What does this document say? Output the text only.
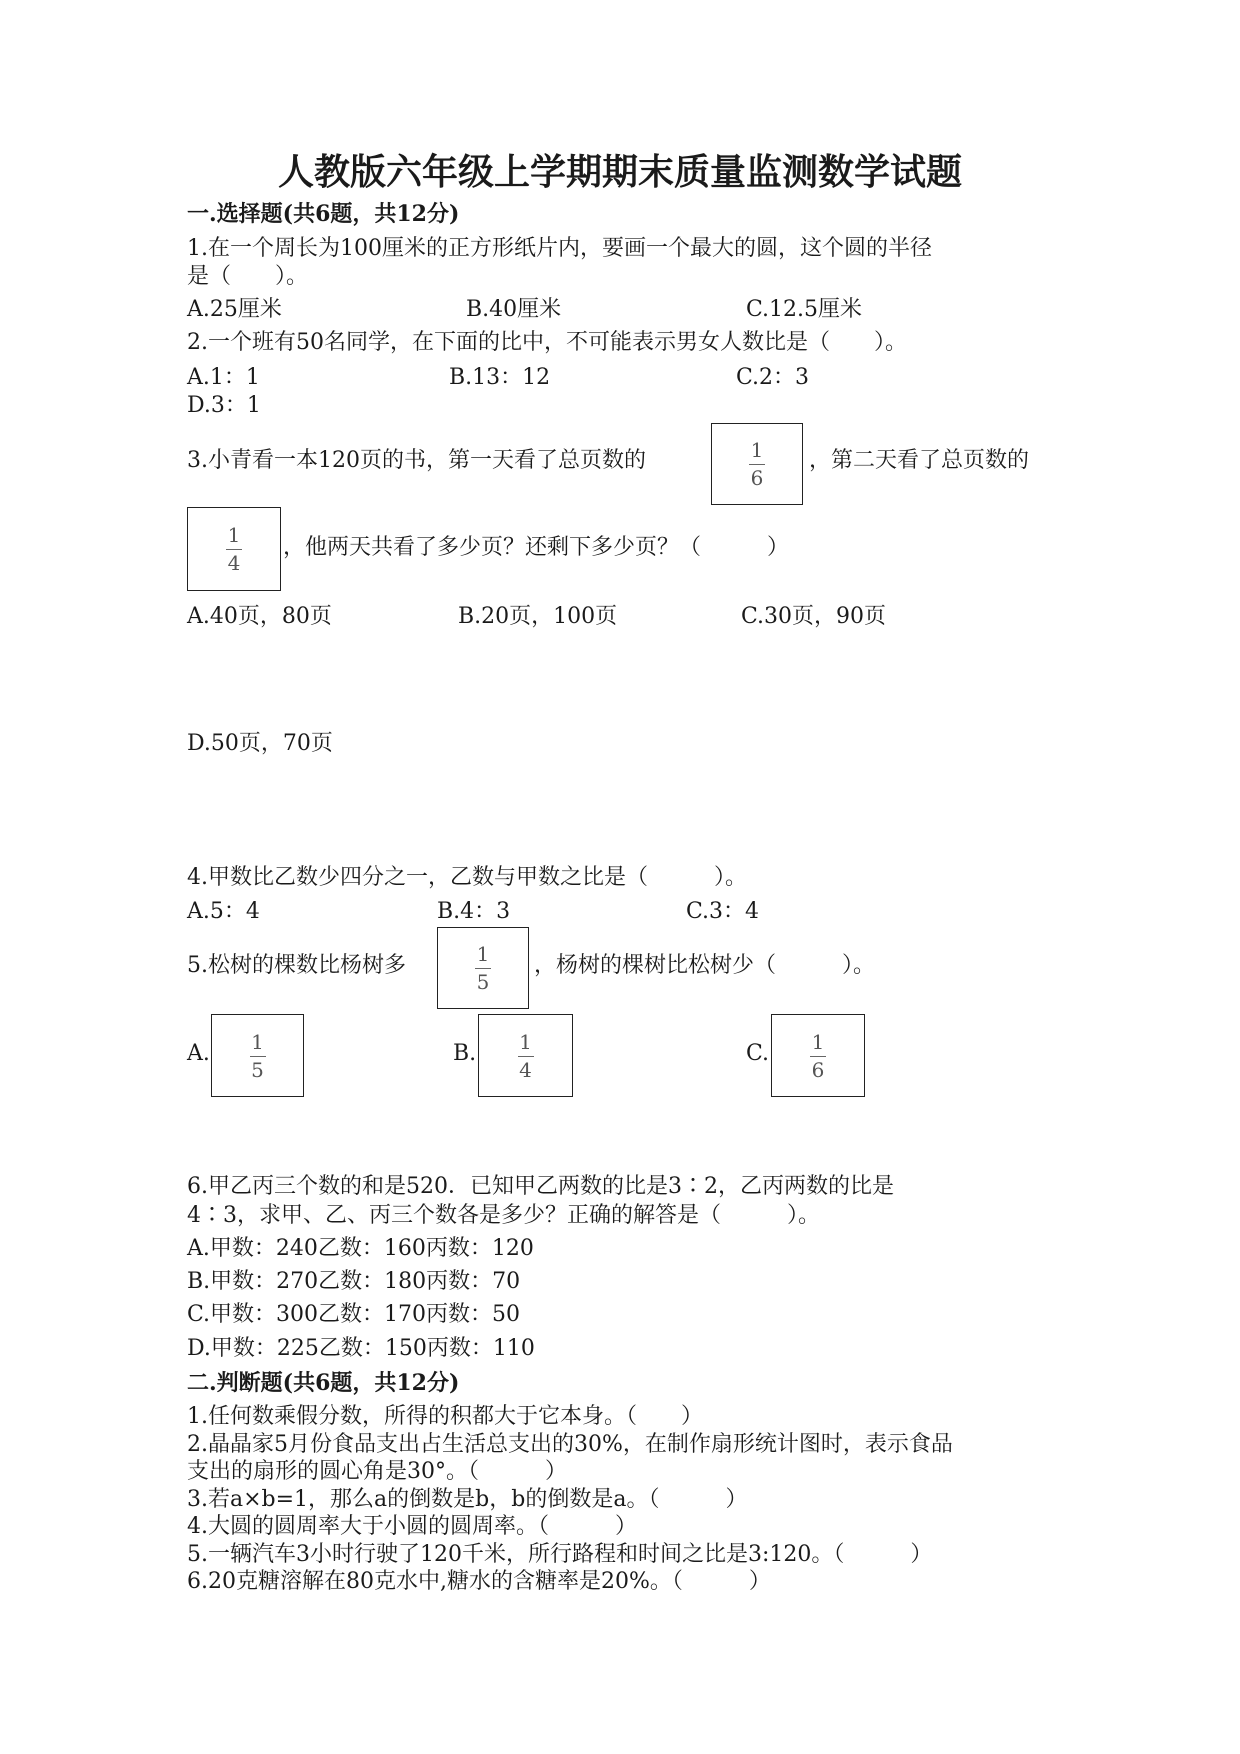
人教版六年级上学期期末质量监测数学试题
一.选择题(共6题，共12分)
1.在一个周长为100厘米的正方形纸片内，要画一个最大的圆，这个圆的半径
是（　　）。
A.25厘米	B.40厘米	C.12.5厘米
2.一个班有50名同学，在下面的比中，不可能表示男女人数比是（　　）。
A.1：1	B.13：12	C.2：3
D.3：1
3.小青看一本120页的书，第一天看了总页数的	1
6
，第二天看了总页数的
1
4
，他两天共看了多少页？还剩下多少页？（　　　）
A.40页，80页	B.20页，100页	C.30页，90页
D.50页，70页
4.甲数比乙数少四分之一，乙数与甲数之比是（　　　）。
A.5：4	B.4：3	C.3：4
5.松树的棵数比杨树多	1
5
，杨树的棵树比松树少（　　　）。
A. 1
5
B. 1
4
C. 1
6
6.甲乙丙三个数的和是520．已知甲乙两数的比是3∶2，乙丙两数的比是
4∶3，求甲、乙、丙三个数各是多少？正确的解答是（　　　）。
A.甲数：240乙数：160丙数：120
B.甲数：270乙数：180丙数：70
C.甲数：300乙数：170丙数：50
D.甲数：225乙数：150丙数：110
二.判断题(共6题，共12分)
1.任何数乘假分数，所得的积都大于它本身。（　　）
2.晶晶家5月份食品支出占生活总支出的30%，在制作扇形统计图时，表示食品
支出的扇形的圆心角是30°。（　　　）
3.若a×b=1，那么a的倒数是b，b的倒数是a。（　　　）
4.大圆的圆周率大于小圆的圆周率。（　　　）
5.一辆汽车3小时行驶了120千米，所行路程和时间之比是3:120。（　　　）
6.20克糖溶解在80克水中,糖水的含糖率是20%。（　　　）
